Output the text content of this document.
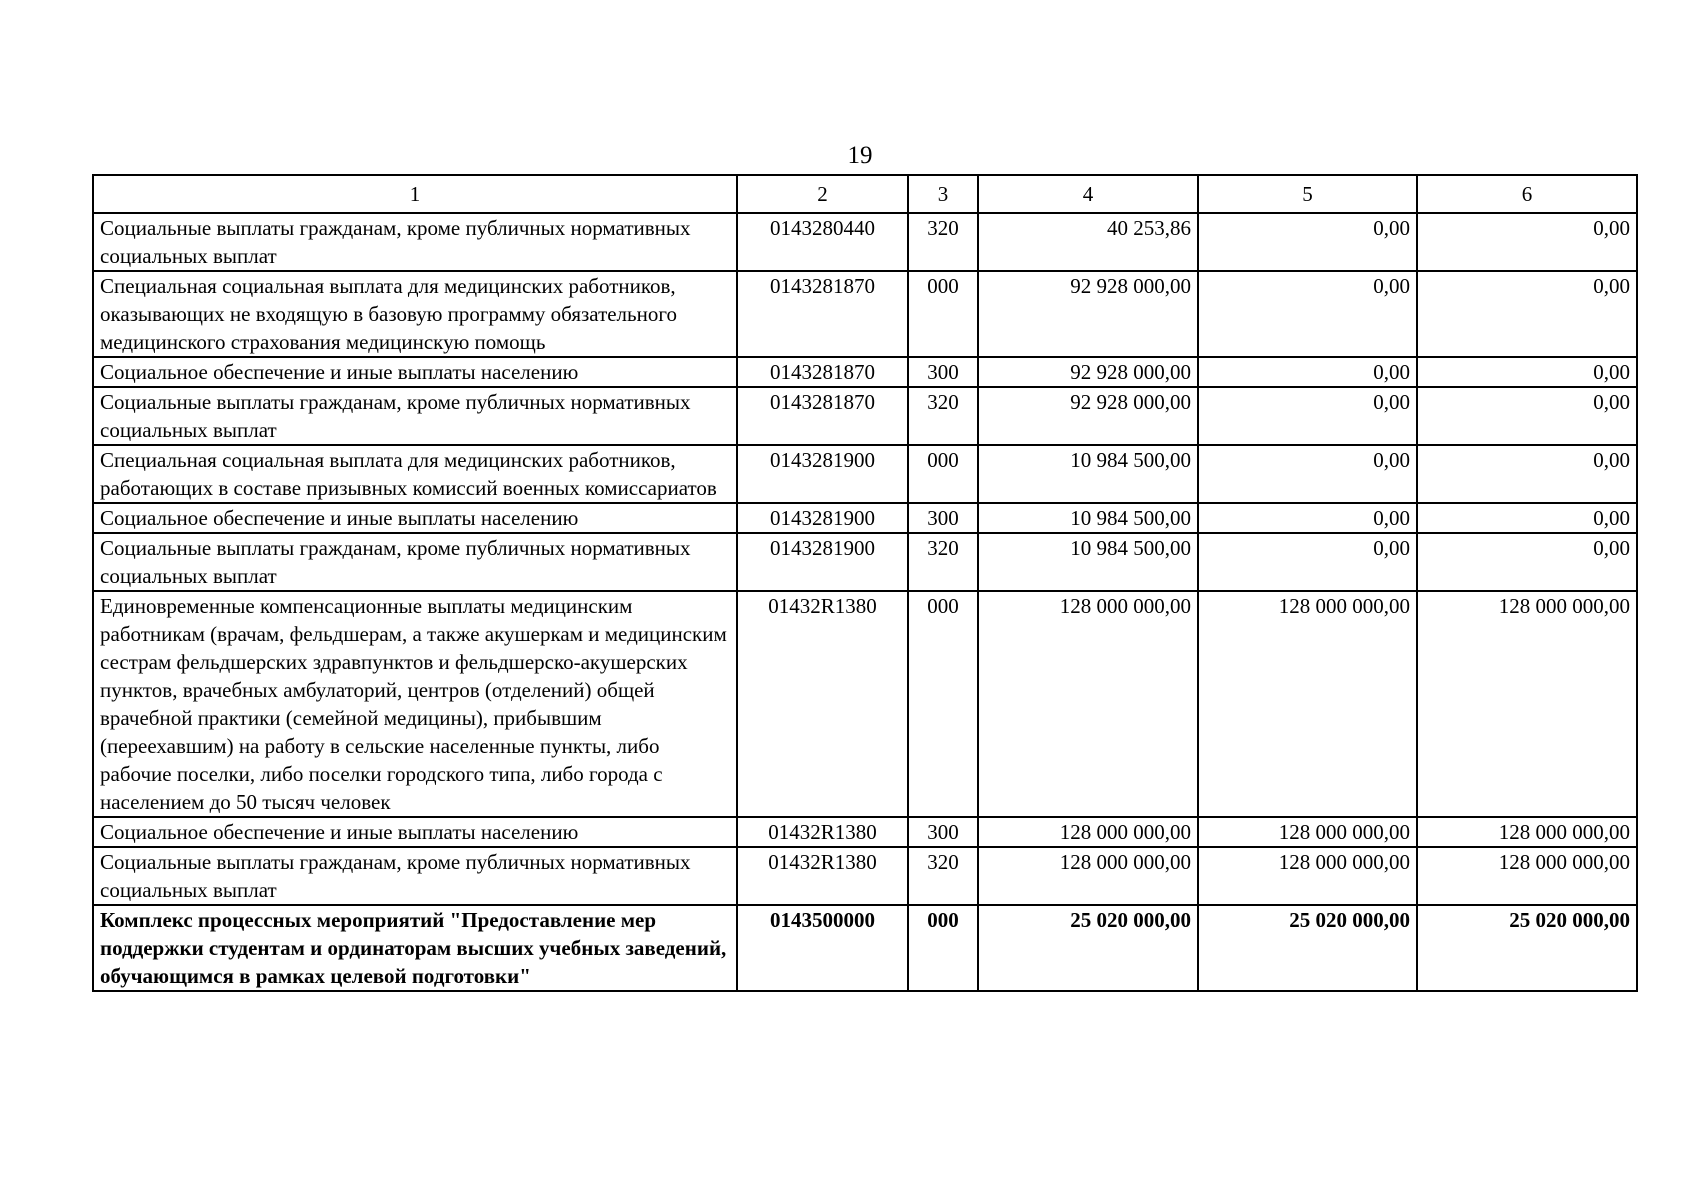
19
1	2	3	4	5	6
Социальные выплаты гражданам, кроме публичных нормативных социальных выплат	0143280440	320	40 253,86	0,00	0,00
Специальная социальная выплата для медицинских работников, оказывающих не входящую в базовую программу обязательного медицинского страхования медицинскую помощь	0143281870	000	92 928 000,00	0,00	0,00
Социальное обеспечение и иные выплаты населению	0143281870	300	92 928 000,00	0,00	0,00
Социальные выплаты гражданам, кроме публичных нормативных социальных выплат	0143281870	320	92 928 000,00	0,00	0,00
Специальная социальная выплата для медицинских работников, работающих в составе призывных комиссий военных комиссариатов	0143281900	000	10 984 500,00	0,00	0,00
Социальное обеспечение и иные выплаты населению	0143281900	300	10 984 500,00	0,00	0,00
Социальные выплаты гражданам, кроме публичных нормативных социальных выплат	0143281900	320	10 984 500,00	0,00	0,00
Единовременные компенсационные выплаты медицинским работникам (врачам, фельдшерам, а также акушеркам и медицинским сестрам фельдшерских здравпунктов и фельдшерско-акушерских пунктов, врачебных амбулаторий, центров (отделений) общей врачебной практики (семейной медицины), прибывшим (переехавшим) на работу в сельские населенные пункты, либо рабочие поселки, либо поселки городского типа, либо города с населением до 50 тысяч человек	01432R1380	000	128 000 000,00	128 000 000,00	128 000 000,00
Социальное обеспечение и иные выплаты населению	01432R1380	300	128 000 000,00	128 000 000,00	128 000 000,00
Социальные выплаты гражданам, кроме публичных нормативных социальных выплат	01432R1380	320	128 000 000,00	128 000 000,00	128 000 000,00
Комплекс процессных мероприятий "Предоставление мер поддержки студентам и ординаторам высших учебных заведений, обучающимся в рамках целевой подготовки"	0143500000	000	25 020 000,00	25 020 000,00	25 020 000,00
